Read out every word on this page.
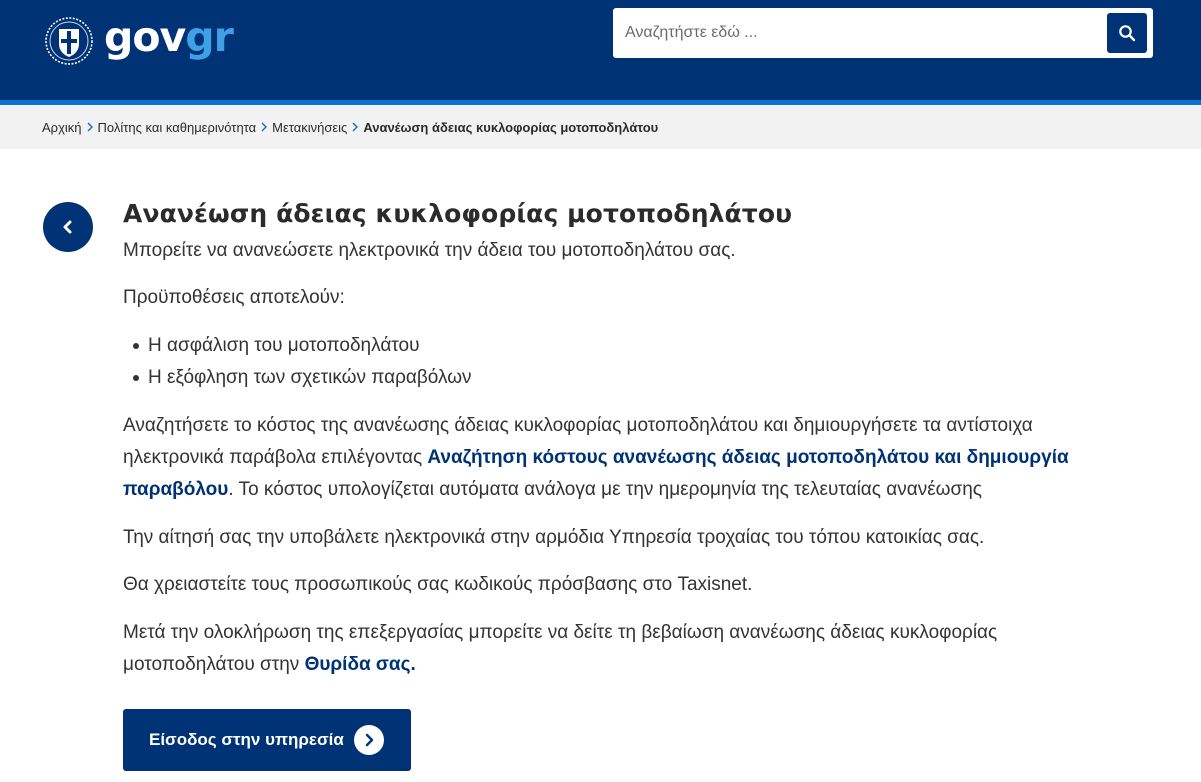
govgr
Αναζητήστε εδώ ...
Αρχική Πολίτης και καθημερινότητα Μετακινήσεις Ανανέωση άδειας κυκλοφορίας μοτοποδηλάτου
Ανανέωση άδειας κυκλοφορίας μοτοποδηλάτου

Μπορείτε να ανανεώσετε ηλεκτρονικά την άδεια του μοτοποδηλάτου σας.

Προϋποθέσεις αποτελούν:

Η ασφάλιση του μοτοποδηλάτου
Η εξόφληση των σχετικών παραβόλων

Αναζητήσετε το κόστος της ανανέωσης άδειας κυκλοφορίας μοτοποδηλάτου και δημιουργήσετε τα αντίστοιχα ηλεκτρονικά παράβολα επιλέγοντας Αναζήτηση κόστους ανανέωσης άδειας μοτοποδηλάτου και δημιουργία παραβόλου. Το κόστος υπολογίζεται αυτόματα ανάλογα με την ημερομηνία της τελευταίας ανανέωσης

Την αίτησή σας την υποβάλετε ηλεκτρονικά στην αρμόδια Υπηρεσία τροχαίας του τόπου κατοικίας σας.

Θα χρειαστείτε τους προσωπικούς σας κωδικούς πρόσβασης στο Taxisnet.

Μετά την ολοκλήρωση της επεξεργασίας μπορείτε να δείτε τη βεβαίωση ανανέωσης άδειας κυκλοφορίας μοτοποδηλάτου στην Θυρίδα σας.

Είσοδος στην υπηρεσία
